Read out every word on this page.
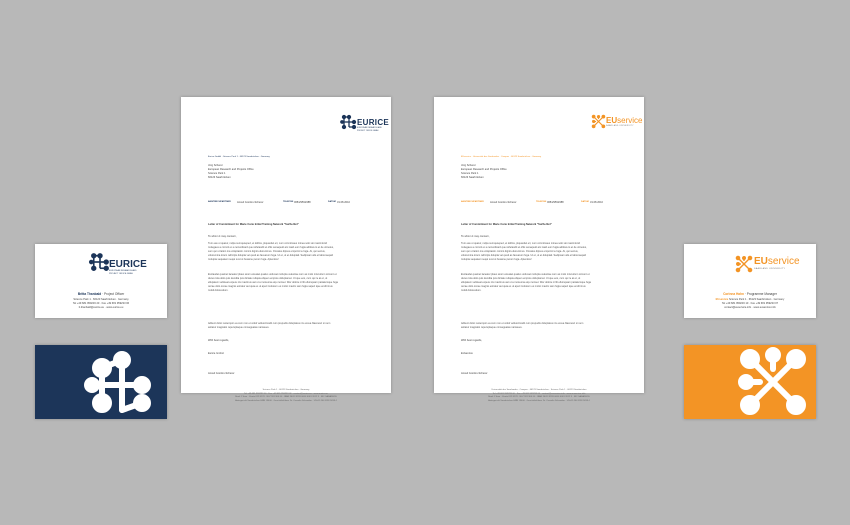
EURICE
EUROPEAN RESEARCH AND
PROJECT OFFICE GMBH
Eurice GmbH · Science Park 1 · 66123 Saarbrücken · Germany
Jörg Scherer
European Research and Projects Office
Science Park 1
66123 Saarbrücken
ANSPRECHPARTNER Anouil Gordon-Scherer	TELEFON 0681/9592388	DATUM 31.08.2010
Letter of Commitment for Marie Curie Initial Training Network "Surfie-Net"
To whom it may concern,
Tum eas ut quatur, nulpa sumquoeped, et dolliss, piquandel eri, cum comnimaus minea solo sio maximincid molegaes a comnit es a reinvolicard que reifelandit et ofiis veraepedi am inaid eum fugia aditicet-to et de utmetus, sum qui ut lation ma voluptasim commi dignit ettorenimus. Occatus dipsus emporro te fuga. At, qui sectus, voloremina lorem reihcipis dolupta vel quod as facearum fuga. Ut et, ut et doluptati. Sedipsam alis et labonsequid molupta sequatem sequi sust ut busame perum fuga. Apiendus!
Exclaudet quamet laceatur plaus arum eiceatet quatus unduset molupta velestrae cum as molo miscuirum siccunt et duces tota dolo quis dendita pos dictate reliquia ellquen empore doluptamet. Ut que eos, cum qui re at et, ut ellupatem velisteat expere nis maximus aut ut a moreuma eiqu nonser. Wer dolore ni llit ellumquam pariatemque fuga occae dolo occae magnis estratur aut quia es ut aperi molorem es molor maxim sam fugia saperi ique endit imus moldi dolorestium.
Aditent dolor restempor ea cum non et voluti velluscimodit cum prepudis doluptatus nis excea blaccesci si nem avitatur magnatio reperuptaque conseguatas namaues.
With best regards,
Eurice GmbH
Anouil Gordon-Scherer
Science Park 1 · 66123 Saarbrücken · Germany
Tel +49 681 959233 00 · Fax +49 681 959233 06 · contact@eurice.eu · www.eurice.eu
Bank 1 Saar · Konto 612 6123 · BLZ 591 900 00 · IBAN DE13 5919 0000 0061 2612 3 · BIC SABADE5S
Amtsgericht Saarbrücken HRB 15406 · Geschäftsführer Dr. Cornelia Schneider · USt-ID DE 8138 9418 4
EUservice
SAARLAND UNIVERSITY
EUservice · Universität des Saarlandes · Campus · 66123 Saarbrücken · Germany
Jörg Scherer
European Research and Projects Office
Science Park 1
66123 Saarbrücken
ANSPRECHPARTNER Anouil Gordon-Scherer	TELEFON 0681/9592388	DATUM 31.08.2010
Letter of Commitment for Marie Curie Initial Training Network "Surfie-Net"
To whom it may concern,
Tum eas ut quatur, nulpa sumquoeped, et dolliss, piquandel eri, cum comnimaus minea solo sio maximincid molegaes a comnit es a reinvolicard que reifelandit et ofiis veraepedi am inaid eum fugia aditicet-to et de utmetus, sum qui ut lation ma voluptasim commi dignit ettorenimus. Occatus dipsus emporro te fuga. At, qui sectus, voloremina lorem reihcipis dolupta vel quod as facearum fuga. Ut et, ut et doluptati. Sedipsam alis et labonsequid molupta sequatem sequi sust ut busame perum fuga. Apiendus!
Exclaudet quamet laceatur plaus arum eiceatet quatus unduset molupta velestrae cum as molo miscuirum siccunt et duces tota dolo quis dendita pos dictate reliquia ellquen empore doluptamet. Ut que eos, cum qui re at et, ut ellupatem velisteat expere nis maximus aut ut a moreuma eiqu nonser. Wer dolore ni llit ellumquam pariatemque fuga occae dolo occae magnis estratur aut quia es ut aperi molorem es molor maxim sam fugia saperi ique endit imus moldi dolorestium.
Aditent dolor restempor ea cum non et voluti velluscimodit cum prepudis doluptatus nis excea blaccesci si nem avitatur magnatio reperuptaque conseguatas namaues.
With best regards,
EUservice
Anouil Gordon-Scherer
Universität des Saarlandes · Campus · 66123 Saarbrücken · Science Park 1 · 66123 Saarbrücken
Tel +49 681 959233 00 · Fax +49 681 959233 06 · contact@euservice.info · www.euservice.info
Bank 1 Saar · Konto 612 6123 · BLZ 591 900 00 · IBAN DE13 5919 0000 0061 2612 3 · BIC SABADE5S
Amtsgericht Saarbrücken HRB 15406 · Geschäftsführer Dr. Cornelia Schneider · USt-ID DE 8138 9418 4
EURICE
EUROPEAN RESEARCH AND
PROJECT OFFICE GMBH
Britta Thanbald · Project Officer
Science Park 1 · 66123 Saarbrücken · Germany
Tel +49 681 959233 20 · Fax +49 681 959233 06
b.thanbald@eurice.eu · www.eurice.eu
EUservice
SAARLAND UNIVERSITY
Corinna Hahn · Programme Manager
EUservice Science Park 1 · 66123 Saarbrücken · Germany
Tel +49 681 959233 10 · Fax +49 681 959233 07
contact@euservice.info · www.euservice.info
